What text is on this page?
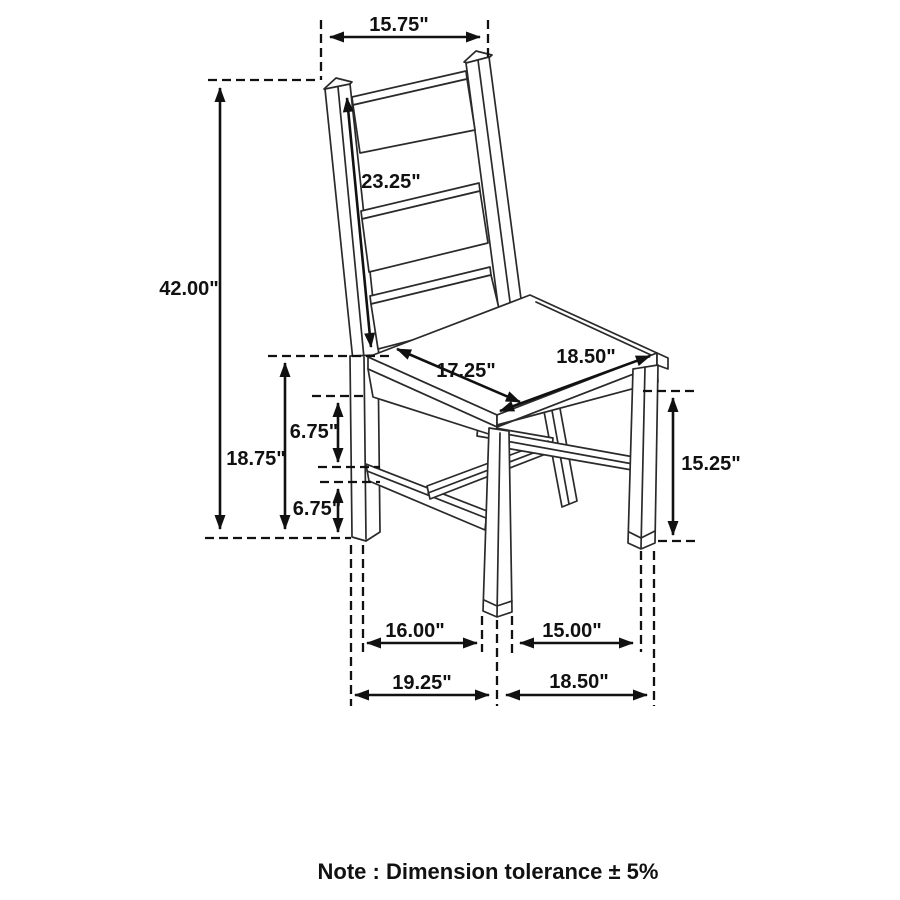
15.75"
42.00"
23.25"
18.75"
6.75"
6.75"
15.25"
16.00"	15.00"
19.25"	18.50"
17.25"
18.50"
Note : Dimension tolerance ± 5%
